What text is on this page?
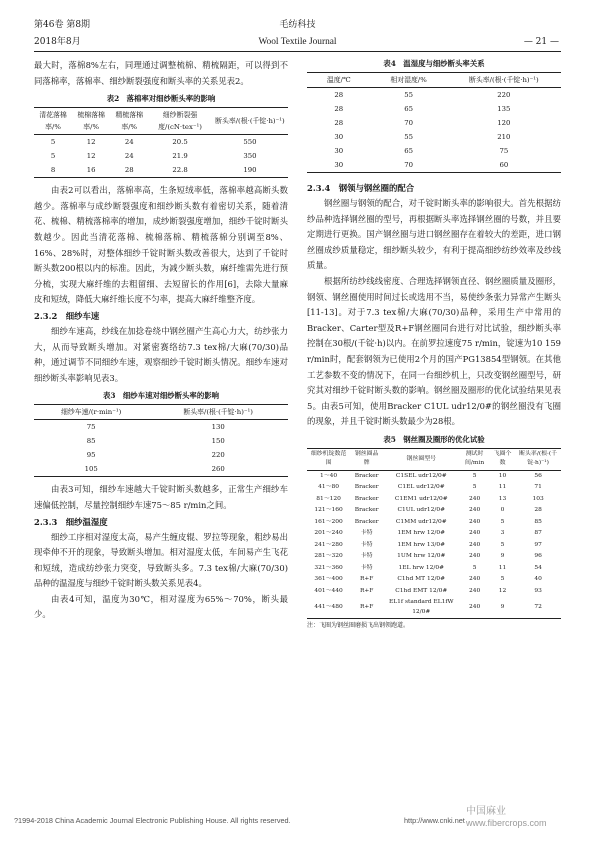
第46卷 第8期
2018年8月
毛纺科技
Wool Textile Journal	— 21 —

最大时，落棉8%左右，同理通过调整梳棉、精梳隔距，可以得到不同落棉率，落棉率、细纱断裂强度和断头率的关系见表2。

表2　落棉率对细纱断头率的影响

清花落棉率/%	梳棉落棉率/%	精梳落棉率/%	细纱断裂强度/(cN·tex⁻¹)	断头率/(根·(千锭·h)⁻¹)
5	12	24	20.5	550
5	12	24	21.9	350
8	16	28	22.8	190

由表2可以看出，落棉率高，生条短绒率低，落棉率越高断头数越少。落棉率与成纱断裂强度和细纱断头数有着密切关系，随着清花、梳棉、精梳落棉率的增加，成纱断裂强度增加，细纱千锭时断头数越少。因此当清花落棉、梳棉落棉、精梳落棉分别调至8%、16%、28%时，对整体细纱千锭时断头数改善很大，达到了千锭时断头数200根以内的标准。因此，为减少断头数，麻纤维需先进行预分梳，实现大麻纤维的去粗留细、去短留长的作用[6]，去除大量麻皮和短绒，降低大麻纤维长度不匀率，提高大麻纤维整齐度。

2.3.2　细纱车速

细纱车速高，纱线在加捻卷绕中钢丝圈产生高心力大，纺纱张力大，从而导致断头增加。对紧密赛络纺7.3 tex棉/大麻(70/30)品种，通过调节不同细纱车速，观察细纱千锭时断头情况。细纱车速对细纱断头率影响见表3。

表3　细纱车速对细纱断头率的影响

细纱车速/(r·min⁻¹)	断头率/(根·(千锭·h)⁻¹)
75	130
85	150
95	220
105	260

由表3可知，细纱车速越大千锭时断头数越多，正常生产细纱车速偏低控制，尽量控制细纱车速75～85 r/min之间。

2.3.3　细纱温湿度

细纱工序相对湿度太高，易产生缠皮辊、罗拉等现象，粗纱易出现牵伸不开的现象，导致断头增加。相对湿度太低，车间易产生飞花和短绒，造成纺纱张力突变，导致断头多。7.3 tex棉/大麻(70/30)品种的温湿度与细纱千锭时断头数关系见表4。

由表4可知，温度为30℃，相对湿度为65%～70%，断头最少。

表4　温湿度与细纱断头率关系

温度/℃	相对湿度/%	断头率/(根·(千锭·h)⁻¹)
28	55	220
28	65	135
28	70	120
30	55	210
30	65	75
30	70	60

2.3.4　钢领与钢丝圈的配合

钢丝圈与钢领的配合，对千锭时断头率的影响很大。首先根据纺纱品种选择钢丝圈的型号，再根据断头率选择钢丝圈的号数，并且要定期进行更换。国产钢丝圈与进口钢丝圈存在着较大的差距，进口钢丝圈成纱质量稳定，细纱断头较少，有利于提高细纱纺纱效率及纱线质量。

根据所纺纱线线密度、合理选择钢领直径、钢丝圈质量及圈形，钢领、钢丝圈使用时间过长或选用不当，易使纱条张力异常产生断头[11-13]。对于7.3 tex棉/大麻(70/30)品种，采用生产中常用的Bracker、Carter型及R+F钢丝圈同台进行对比试验，细纱断头率控制在30根/(千锭·h)以内。在前罗拉速度75 r/min，锭速为10 159 r/min时，配套钢领为已使用2个月的国产PG13854型钢领。在其他工艺参数不变的情况下，在同一台细纱机上，只改变钢丝圈型号，研究其对细纱千锭时断头数的影响。钢丝圈及圈形的优化试验结果见表5。由表5可知，使用Bracker C1UL udr12/0#的钢丝圈没有飞圈的现象，并且千锭时断头数最少为28根。

表5　钢丝圈及圈形的优化试验

细纱机锭数范围	钢丝圈品牌	钢丝圈型号	测试时间/min	飞圈个数	断头率/(根·(千锭·h)⁻¹)
1～40	Bracker	C1SEL udr12/0#	5	10	56
41～80	Bracker	C1EL udr12/0#	5	11	71
81～120	Bracker	C1EM1 udr12/0#	240	13	103
121～160	Bracker	C1UL udr12/0#	240	0	28
161～200	Bracker	C1MM udr12/0#	240	5	85
201～240	卡特	1EM hrw 12/0#	240	3	87
241～280	卡特	1EM hrw 13/0#	240	5	97
281～320	卡特	1UM hrw 12/0#	240	9	96
321～360	卡特	1EL hrw 12/0#	5	11	54
361～400	R+F	C1hd MT 12/0#	240	5	40
401～440	R+F	C1hd EMT 12/0#	240	12	93
441～480	R+F	EL1f standard EL1fW 12/0#	240	9	72
注：飞圈为钢丝圈磨损飞出钢领跑道。
?1994-2018 China Academic Journal Electronic Publishing House. All rights reserved.	http://www.cnki.net
中国麻业
www.fibercrops.com
